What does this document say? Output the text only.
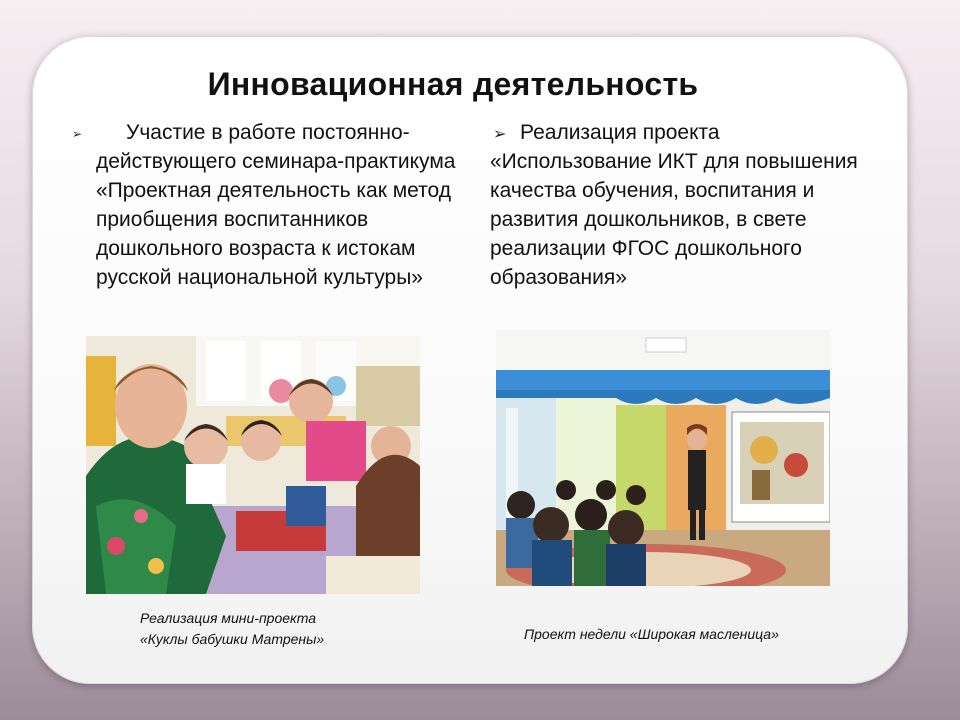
Инновационная деятельность
➢	Участие в работе постоянно-действующего семинара-практикума «Проектная деятельность как метод приобщения воспитанников дошкольного возраста к истокам русской национальной культуры»
➢ Реализация проекта «Использование ИКТ для повышения качества обучения, воспитания и развития дошкольников, в свете реализации ФГОС дошкольного образования»
Реализация мини-проекта
«Куклы бабушки Матрены»	Проект недели «Широкая масленица»
